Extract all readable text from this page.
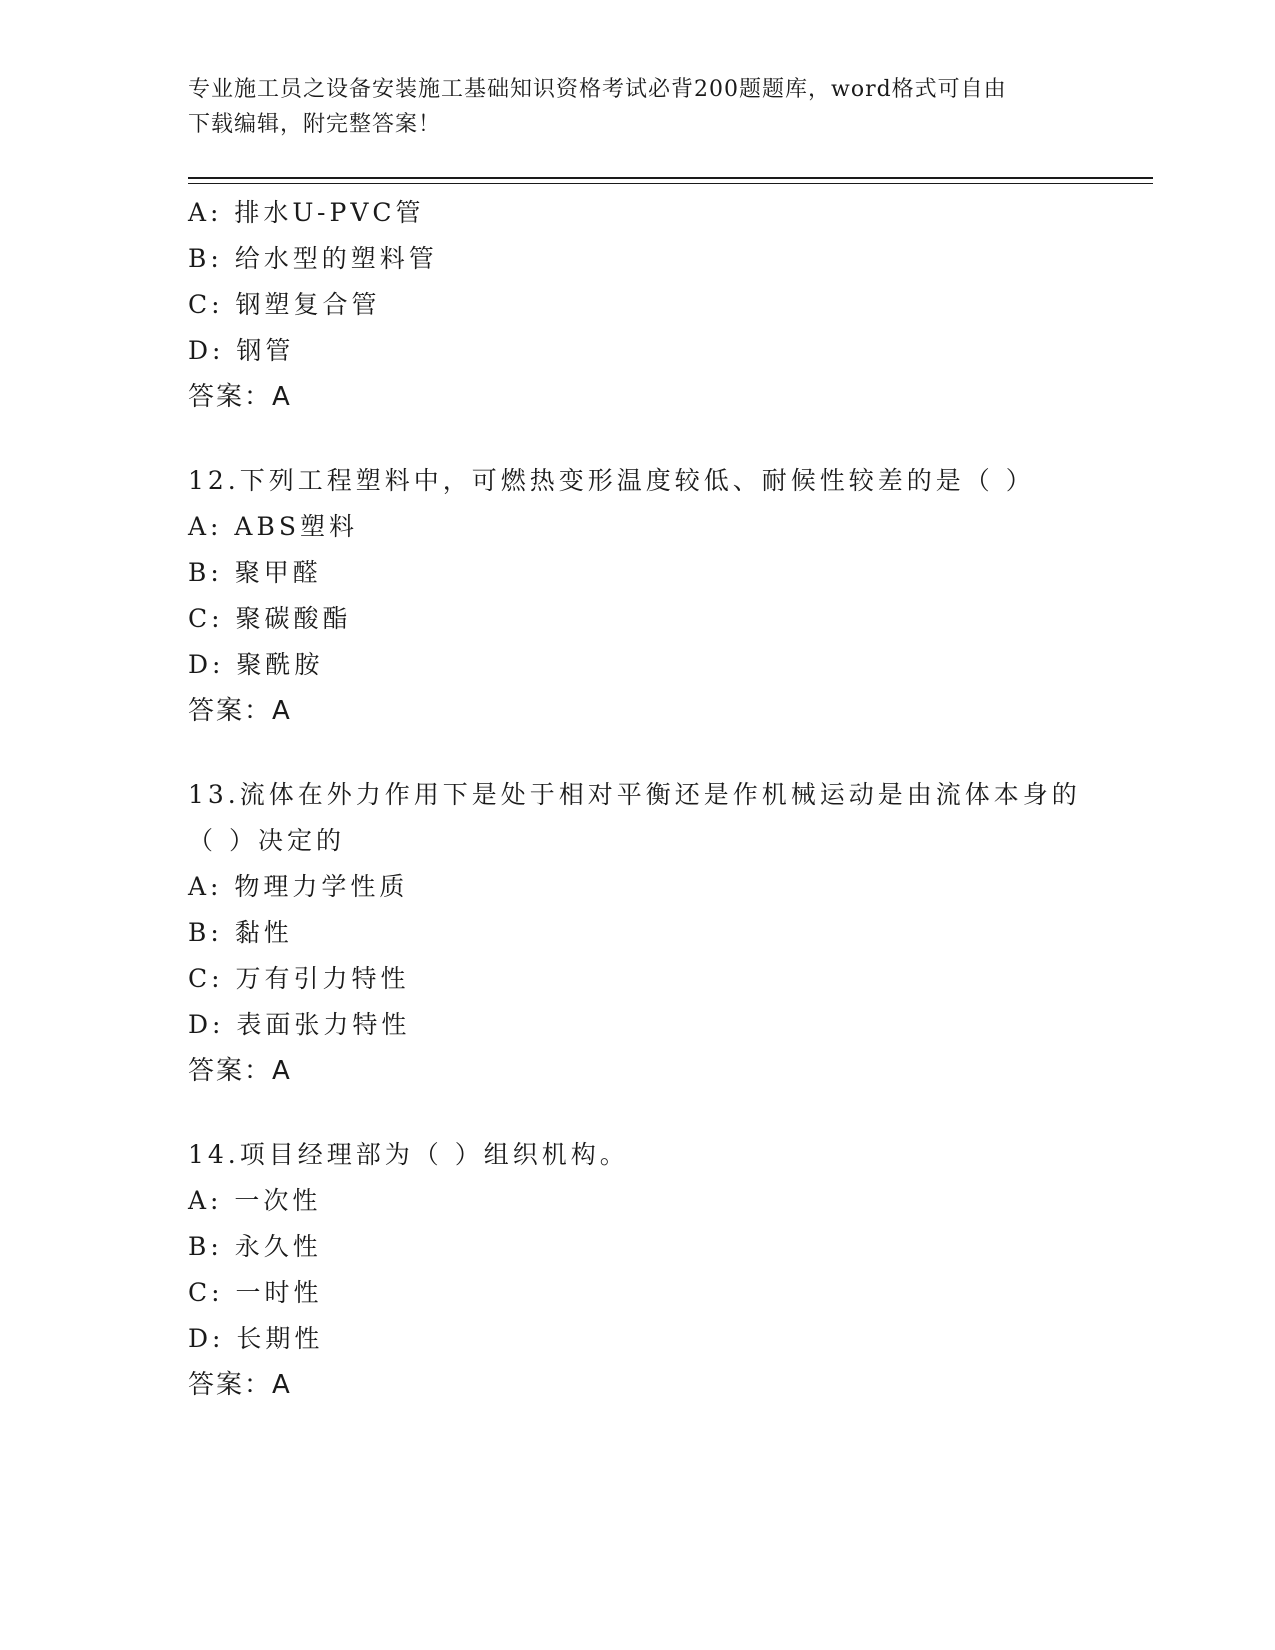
专业施工员之设备安装施工基础知识资格考试必背200题题库，word格式可自由
下载编辑，附完整答案！
A: 排水U-PVC管
B: 给水型的塑料管
C: 钢塑复合管
D: 钢管
答案：A
12.下列工程塑料中，可燃热变形温度较低、耐候性较差的是（ ）
A: ABS塑料
B: 聚甲醛
C: 聚碳酸酯
D: 聚酰胺
答案：A
13.流体在外力作用下是处于相对平衡还是作机械运动是由流体本身的（ ）决定的
A: 物理力学性质
B: 黏性
C: 万有引力特性
D: 表面张力特性
答案：A
14.项目经理部为（ ）组织机构。
A: 一次性
B: 永久性
C: 一时性
D: 长期性
答案：A
